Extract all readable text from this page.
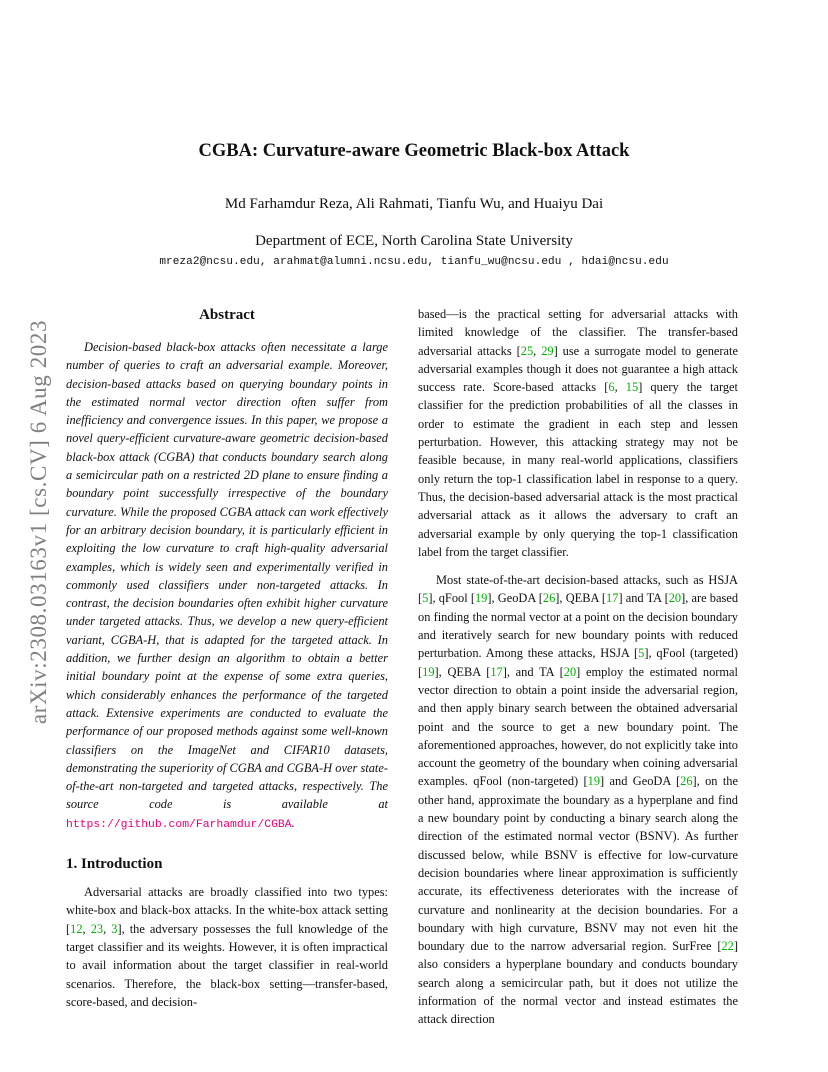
arXiv:2308.03163v1 [cs.CV] 6 Aug 2023
CGBA: Curvature-aware Geometric Black-box Attack
Md Farhamdur Reza, Ali Rahmati, Tianfu Wu, and Huaiyu Dai
Department of ECE, North Carolina State University
mreza2@ncsu.edu, arahmat@alumni.ncsu.edu, tianfu_wu@ncsu.edu , hdai@ncsu.edu
Abstract

Decision-based black-box attacks often necessitate a large number of queries to craft an adversarial example. Moreover, decision-based attacks based on querying boundary points in the estimated normal vector direction often suffer from inefficiency and convergence issues. In this paper, we propose a novel query-efficient curvature-aware geometric decision-based black-box attack (CGBA) that conducts boundary search along a semicircular path on a restricted 2D plane to ensure finding a boundary point successfully irrespective of the boundary curvature. While the proposed CGBA attack can work effectively for an arbitrary decision boundary, it is particularly efficient in exploiting the low curvature to craft high-quality adversarial examples, which is widely seen and experimentally verified in commonly used classifiers under non-targeted attacks. In contrast, the decision boundaries often exhibit higher curvature under targeted attacks. Thus, we develop a new query-efficient variant, CGBA-H, that is adapted for the targeted attack. In addition, we further design an algorithm to obtain a better initial boundary point at the expense of some extra queries, which considerably enhances the performance of the targeted attack. Extensive experiments are conducted to evaluate the performance of our proposed methods against some well-known classifiers on the ImageNet and CIFAR10 datasets, demonstrating the superiority of CGBA and CGBA-H over state-of-the-art non-targeted and targeted attacks, respectively. The source code is available at https://github.com/Farhamdur/CGBA.

1. Introduction

Adversarial attacks are broadly classified into two types: white-box and black-box attacks. In the white-box attack setting [12, 23, 3], the adversary possesses the full knowledge of the target classifier and its weights. However, it is often impractical to avail information about the target classifier in real-world scenarios. Therefore, the black-box setting—transfer-based, score-based, and decision-

based—is the practical setting for adversarial attacks with limited knowledge of the classifier. The transfer-based adversarial attacks [25, 29] use a surrogate model to generate adversarial examples though it does not guarantee a high attack success rate. Score-based attacks [6, 15] query the target classifier for the prediction probabilities of all the classes in order to estimate the gradient in each step and lessen perturbation. However, this attacking strategy may not be feasible because, in many real-world applications, classifiers only return the top-1 classification label in response to a query. Thus, the decision-based adversarial attack is the most practical adversarial attack as it allows the adversary to craft an adversarial example by only querying the top-1 classification label from the target classifier.

Most state-of-the-art decision-based attacks, such as HSJA [5], qFool [19], GeoDA [26], QEBA [17] and TA [20], are based on finding the normal vector at a point on the decision boundary and iteratively search for new boundary points with reduced perturbation. Among these attacks, HSJA [5], qFool (targeted) [19], QEBA [17], and TA [20] employ the estimated normal vector direction to obtain a point inside the adversarial region, and then apply binary search between the obtained adversarial point and the source to get a new boundary point. The aforementioned approaches, however, do not explicitly take into account the geometry of the boundary when coining adversarial examples. qFool (non-targeted) [19] and GeoDA [26], on the other hand, approximate the boundary as a hyperplane and find a new boundary point by conducting a binary search along the direction of the estimated normal vector (BSNV). As further discussed below, while BSNV is effective for low-curvature decision boundaries where linear approximation is sufficiently accurate, its effectiveness deteriorates with the increase of curvature and nonlinearity at the decision boundaries. For a boundary with high curvature, BSNV may not even hit the boundary due to the narrow adversarial region. SurFree [22] also considers a hyperplane boundary and conducts boundary search along a semicircular path, but it does not utilize the information of the normal vector and instead estimates the attack direction
